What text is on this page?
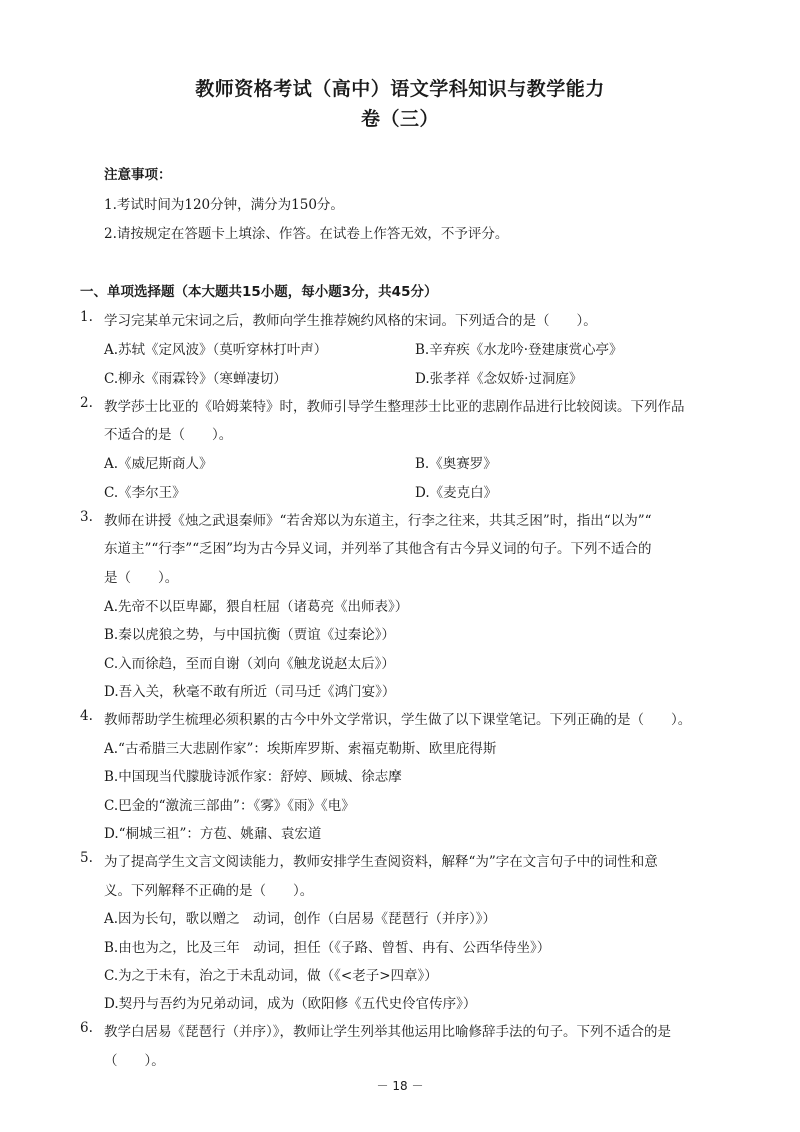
教师资格考试（高中）语文学科知识与教学能力
卷（三）
注意事项：
1.考试时间为120分钟，满分为150分。
2.请按规定在答题卡上填涂、作答。在试卷上作答无效，不予评分。
一、单项选择题（本大题共15小题，每小题3分，共45分）
1. 学习完某单元宋词之后，教师向学生推荐婉约风格的宋词。下列适合的是（　　）。
A.苏轼《定风波》（莫听穿林打叶声）	B.辛弃疾《水龙吟·登建康赏心亭》
C.柳永《雨霖铃》（寒蝉凄切）	D.张孝祥《念奴娇·过洞庭》
2. 教学莎士比亚的《哈姆莱特》时，教师引导学生整理莎士比亚的悲剧作品进行比较阅读。下列作品
不适合的是（　　）。
A.《威尼斯商人》	B.《奥赛罗》
C.《李尔王》	D.《麦克白》
3. 教师在讲授《烛之武退秦师》“若舍郑以为东道主，行李之往来，共其乏困”时，指出“以为”“
东道主”“行李”“乏困”均为古今异义词，并列举了其他含有古今异义词的句子。下列不适合的
是（　　）。
A.先帝不以臣卑鄙，猥自枉屈（诸葛亮《出师表》）
B.秦以虎狼之势，与中国抗衡（贾谊《过秦论》）
C.入而徐趋，至而自谢（刘向《触龙说赵太后》）
D.吾入关，秋毫不敢有所近（司马迁《鸿门宴》）
4. 教师帮助学生梳理必须积累的古今中外文学常识，学生做了以下课堂笔记。下列正确的是（　　）。
A.“古希腊三大悲剧作家”：埃斯库罗斯、索福克勒斯、欧里庇得斯
B.中国现当代朦胧诗派作家：舒婷、顾城、徐志摩
C.巴金的“激流三部曲”：《雾》《雨》《电》
D.“桐城三祖”：方苞、姚鼐、袁宏道
5. 为了提高学生文言文阅读能力，教师安排学生查阅资料，解释“为”字在文言句子中的词性和意
义。下列解释不正确的是（　　）。
A.因为长句，歌以赠之　动词，创作（白居易《琵琶行（并序）》）
B.由也为之，比及三年　动词，担任（《子路、曾皙、冉有、公西华侍坐》）
C.为之于未有，治之于未乱动词，做（《<老子>四章》）
D.契丹与吾约为兄弟动词，成为（欧阳修《五代史伶官传序》）
6. 教学白居易《琵琶行（并序）》，教师让学生列举其他运用比喻修辞手法的句子。下列不适合的是
（　　）。
－ 18 －
